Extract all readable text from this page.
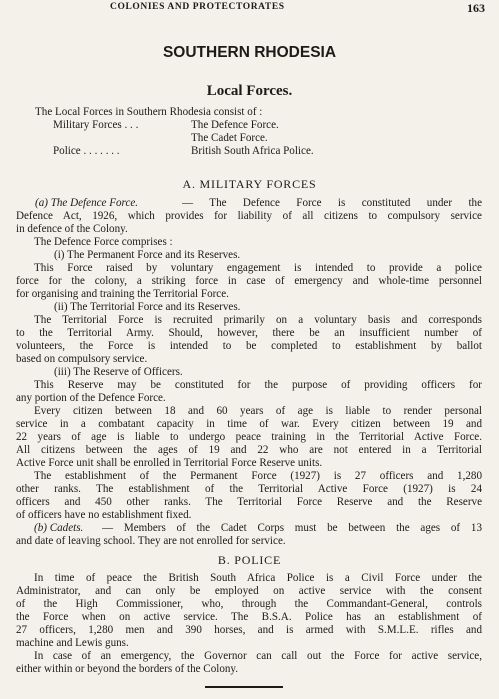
COLONIES AND PROTECTORATES	163
SOUTHERN RHODESIA
Local Forces.
The Local Forces in Southern Rhodesia consist of :
Military Forces . . .	The Defence Force.
The Cadet Force.
Police . . . . . . .	British South Africa Police.
A. MILITARY FORCES
(a) The Defence Force.	— The Defence Force is constituted under the
Defence Act, 1926, which provides for liability of all citizens to compulsory service
in defence of the Colony.
The Defence Force comprises :
(i) The Permanent Force and its Reserves.
This Force raised by voluntary engagement is intended to provide a police
force for the colony, a striking force in case of emergency and whole-time personnel
for organising and training the Territorial Force.
(ii) The Territorial Force and its Reserves.
The Territorial Force is recruited primarily on a voluntary basis and corresponds
to the Territorial Army. Should, however, there be an insufficient number of
volunteers, the Force is intended to be completed to establishment by ballot
based on compulsory service.
(iii) The Reserve of Officers.
This Reserve may be constituted for the purpose of providing officers for
any portion of the Defence Force.
Every citizen between 18 and 60 years of age is liable to render personal
service in a combatant capacity in time of war. Every citizen between 19 and
22 years of age is liable to undergo peace training in the Territorial Active Force.
All citizens between the ages of 19 and 22 who are not entered in a Territorial
Active Force unit shall be enrolled in Territorial Force Reserve units.
The establishment of the Permanent Force (1927) is 27 officers and 1,280
other ranks. The establishment of the Territorial Active Force (1927) is 24
officers and 450 other ranks. The Territorial Force Reserve and the Reserve
of officers have no establishment fixed.
(b) Cadets. — Members of the Cadet Corps must be between the ages of 13
and date of leaving school. They are not enrolled for service.
B. POLICE
In time of peace the British South Africa Police is a Civil Force under the
Administrator, and can only be employed on active service with the consent
of the High Commissioner, who, through the Commandant-General, controls
the Force when on active service. The B.S.A. Police has an establishment of
27 officers, 1,280 men and 390 horses, and is armed with S.M.L.E. rifles and
machine and Lewis guns.
In case of an emergency, the Governor can call out the Force for active service,
either within or beyond the borders of the Colony.
